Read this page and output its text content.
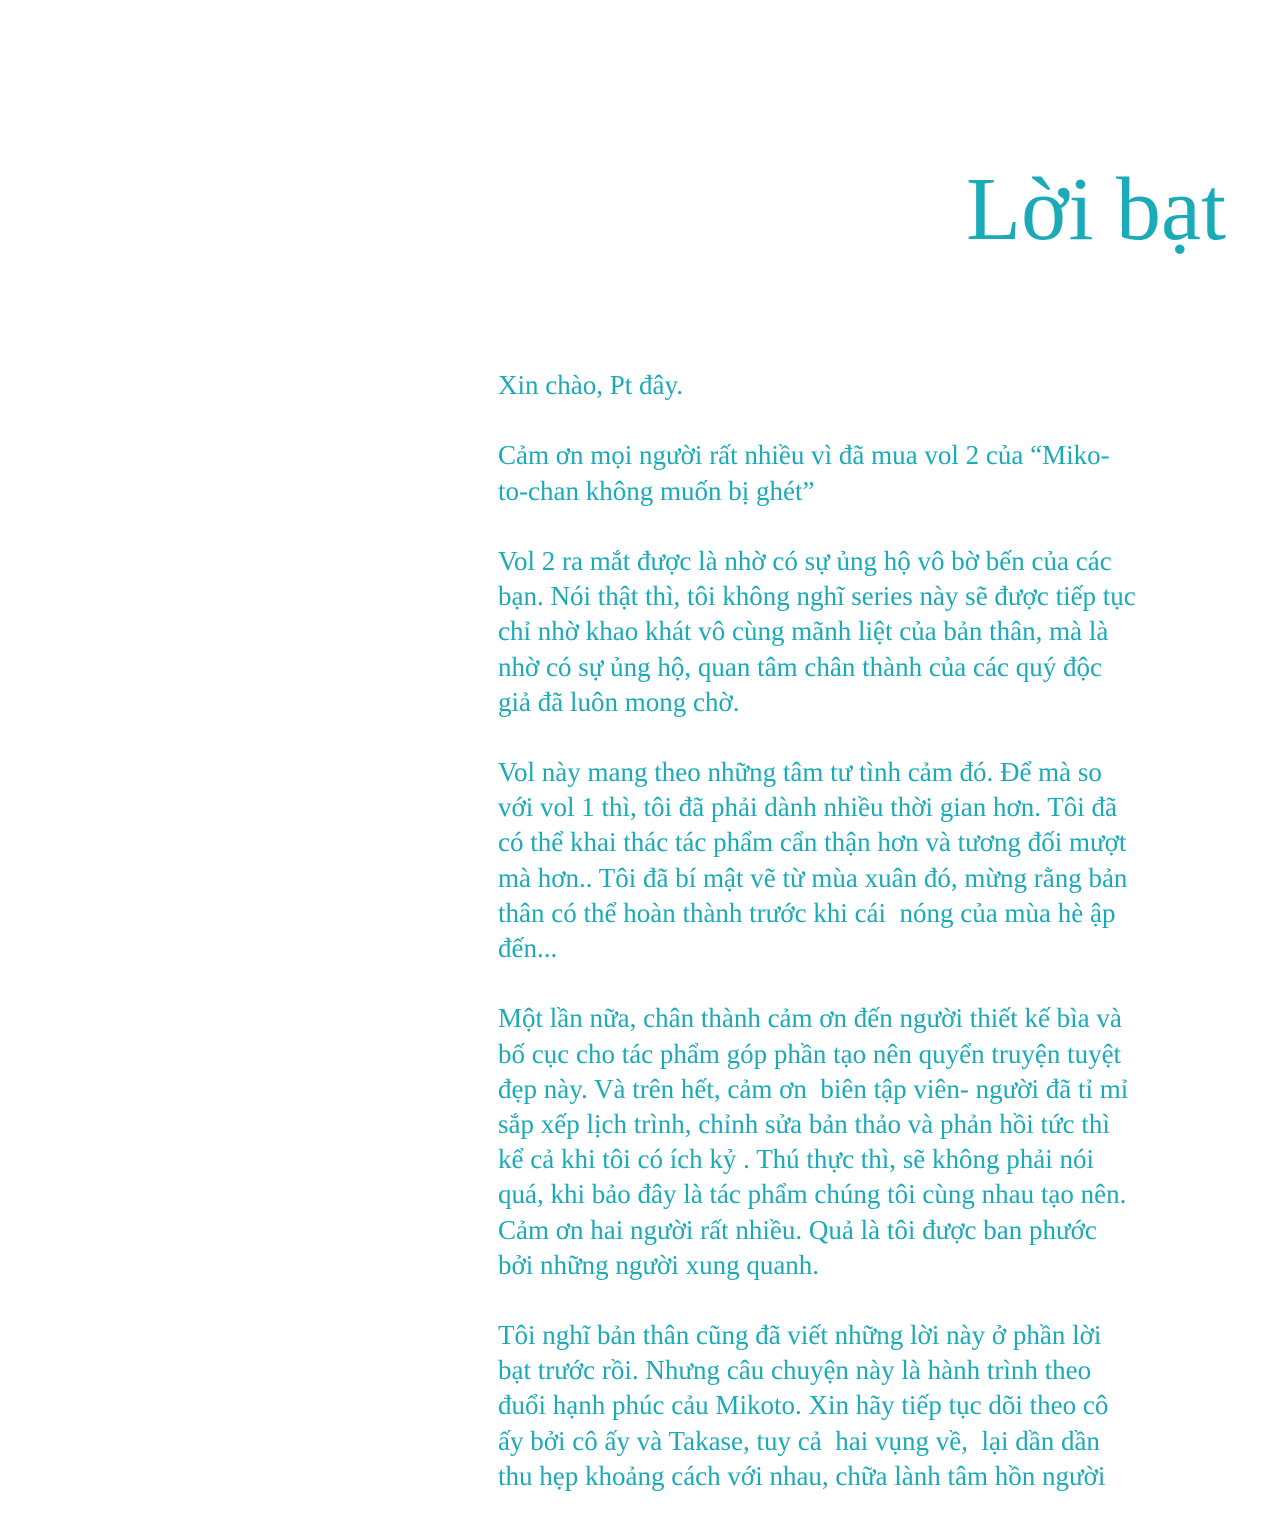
Lời bạt

Xin chào, Pt đây.

Cảm ơn mọi người rất nhiều vì đã mua vol 2 của “Miko-
to-chan không muốn bị ghét”

Vol 2 ra mắt được là nhờ có sự ủng hộ vô bờ bến của các
bạn. Nói thật thì, tôi không nghĩ series này sẽ được tiếp tục
chỉ nhờ khao khát vô cùng mãnh liệt của bản thân, mà là
nhờ có sự ủng hộ, quan tâm chân thành của các quý độc
giả đã luôn mong chờ.

Vol này mang theo những tâm tư tình cảm đó. Để mà so
với vol 1 thì, tôi đã phải dành nhiều thời gian hơn. Tôi đã
có thể khai thác tác phẩm cẩn thận hơn và tương đối mượt
mà hơn.. Tôi đã bí mật vẽ từ mùa xuân đó, mừng rằng bản
thân có thể hoàn thành trước khi cái  nóng của mùa hè ập
đến...

Một lần nữa, chân thành cảm ơn đến người thiết kế bìa và
bố cục cho tác phẩm góp phần tạo nên quyển truyện tuyệt
đẹp này. Và trên hết, cảm ơn  biên tập viên- người đã tỉ mỉ
sắp xếp lịch trình, chỉnh sửa bản thảo và phản hồi tức thì
kể cả khi tôi có ích kỷ . Thú thực thì, sẽ không phải nói
quá, khi bảo đây là tác phẩm chúng tôi cùng nhau tạo nên.
Cảm ơn hai người rất nhiều. Quả là tôi được ban phước
bởi những người xung quanh.

Tôi nghĩ bản thân cũng đã viết những lời này ở phần lời
bạt trước rồi. Nhưng câu chuyện này là hành trình theo
đuổi hạnh phúc cảu Mikoto. Xin hãy tiếp tục dõi theo cô
ấy bởi cô ấy và Takase, tuy cả  hai vụng về,  lại dần dần
thu hẹp khoảng cách với nhau, chữa lành tâm hồn người
